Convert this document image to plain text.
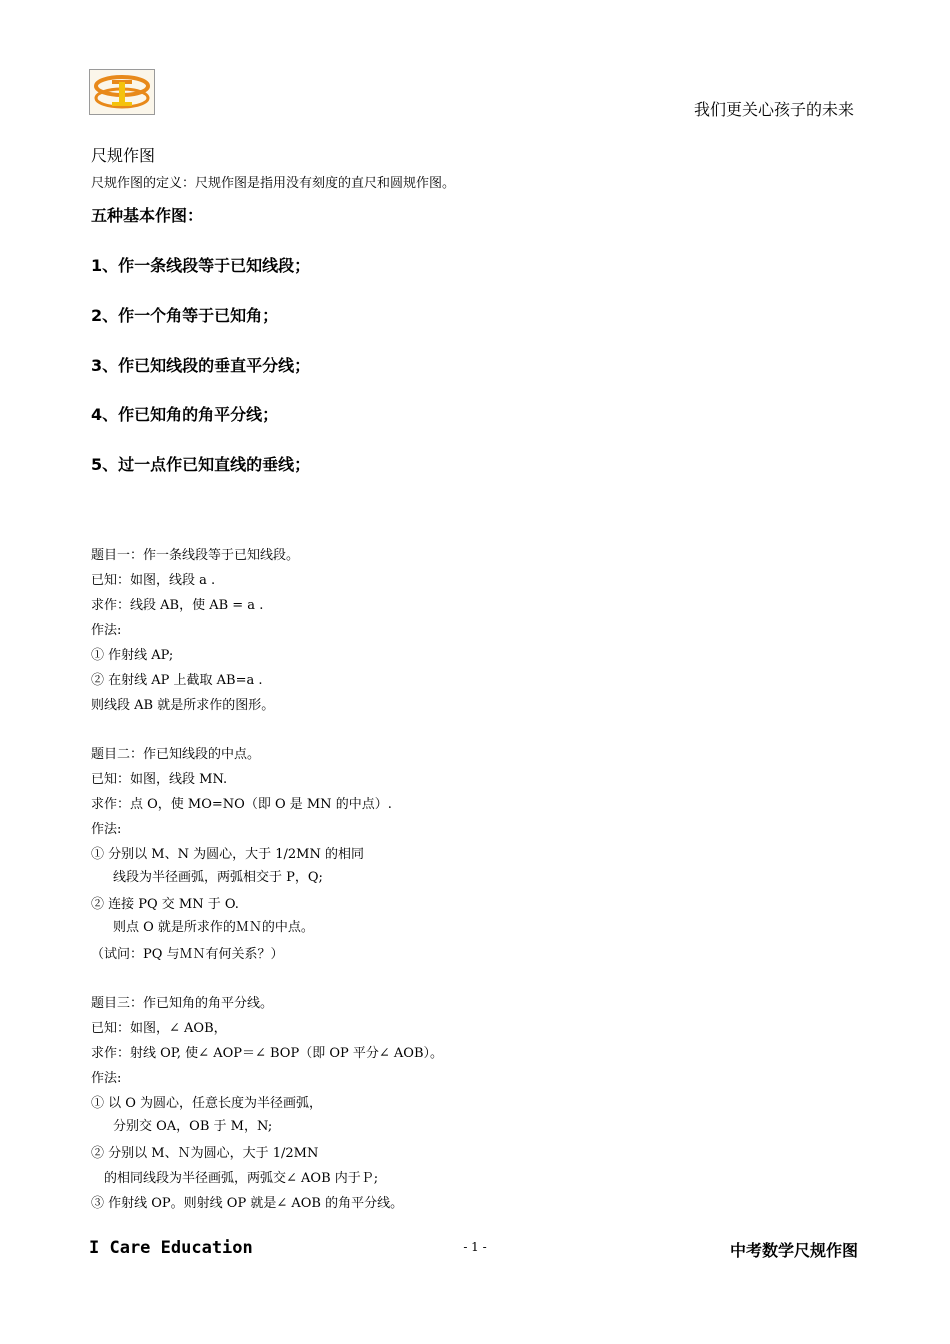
我们更关心孩子的未来
尺规作图
尺规作图的定义：尺规作图是指用没有刻度的直尺和圆规作图。
五种基本作图：
1、作一条线段等于已知线段；
2、作一个角等于已知角；
3、作已知线段的垂直平分线；
4、作已知角的角平分线；
5、过一点作已知直线的垂线；
题目一：作一条线段等于已知线段。
已知：如图，线段 a .
求作：线段 AB，使 AB = a .
作法:
① 作射线 AP;
② 在射线 AP 上截取 AB=a .
则线段 AB 就是所求作的图形。
题目二：作已知线段的中点。
已知：如图，线段 MN.
求作：点 O，使 MO=NO（即 O 是 MN 的中点）.
作法:
① 分别以 M、N 为圆心，大于 1/2MN 的相同
线段为半径画弧，两弧相交于 P，Q;
② 连接 PQ 交 MN 于 O.
则点 O 就是所求作的ＭＮ的中点。
（试问：PQ 与ＭＮ有何关系？）
题目三：作已知角的角平分线。
已知：如图，∠ AOB，
求作：射线 OP, 使∠ AOP＝∠ BOP（即 OP 平分∠ AOB）。
作法:
① 以 O 为圆心，任意长度为半径画弧，
分别交 OA，OB 于 M，N;
② 分别以 M、Ｎ为圆心，大于 1/2MN
的相同线段为半径画弧，两弧交∠ AOB 内于Ｐ;
③ 作射线 OP。则射线 OP 就是∠ AOB 的角平分线。
I Care Education	- 1 -	中考数学尺规作图
